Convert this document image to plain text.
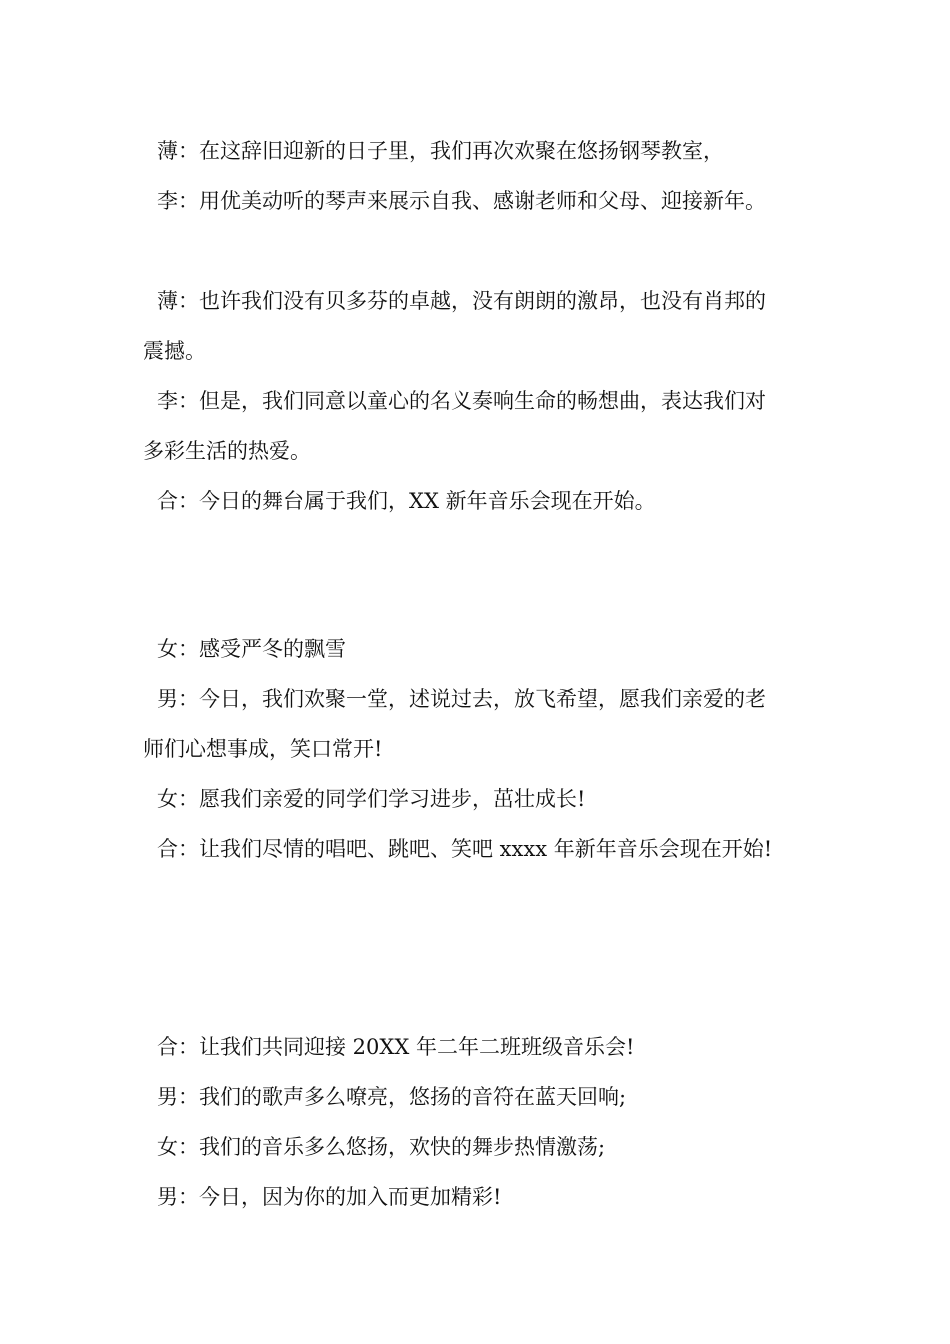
薄：在这辞旧迎新的日子里，我们再次欢聚在悠扬钢琴教室，
李：用优美动听的琴声来展示自我、感谢老师和父母、迎接新年。
薄：也许我们没有贝多芬的卓越，没有朗朗的激昂，也没有肖邦的
震撼。
李：但是，我们同意以童心的名义奏响生命的畅想曲，表达我们对
多彩生活的热爱。
合：今日的舞台属于我们，XX 新年音乐会现在开始。
女：感受严冬的飘雪
男：今日，我们欢聚一堂，述说过去，放飞希望，愿我们亲爱的老
师们心想事成，笑口常开!
女：愿我们亲爱的同学们学习进步，茁壮成长!
合：让我们尽情的唱吧、跳吧、笑吧 xxxx 年新年音乐会现在开始!
合：让我们共同迎接 20XX 年二年二班班级音乐会!
男：我们的歌声多么嘹亮，悠扬的音符在蓝天回响;
女：我们的音乐多么悠扬，欢快的舞步热情激荡;
男：今日，因为你的加入而更加精彩!
